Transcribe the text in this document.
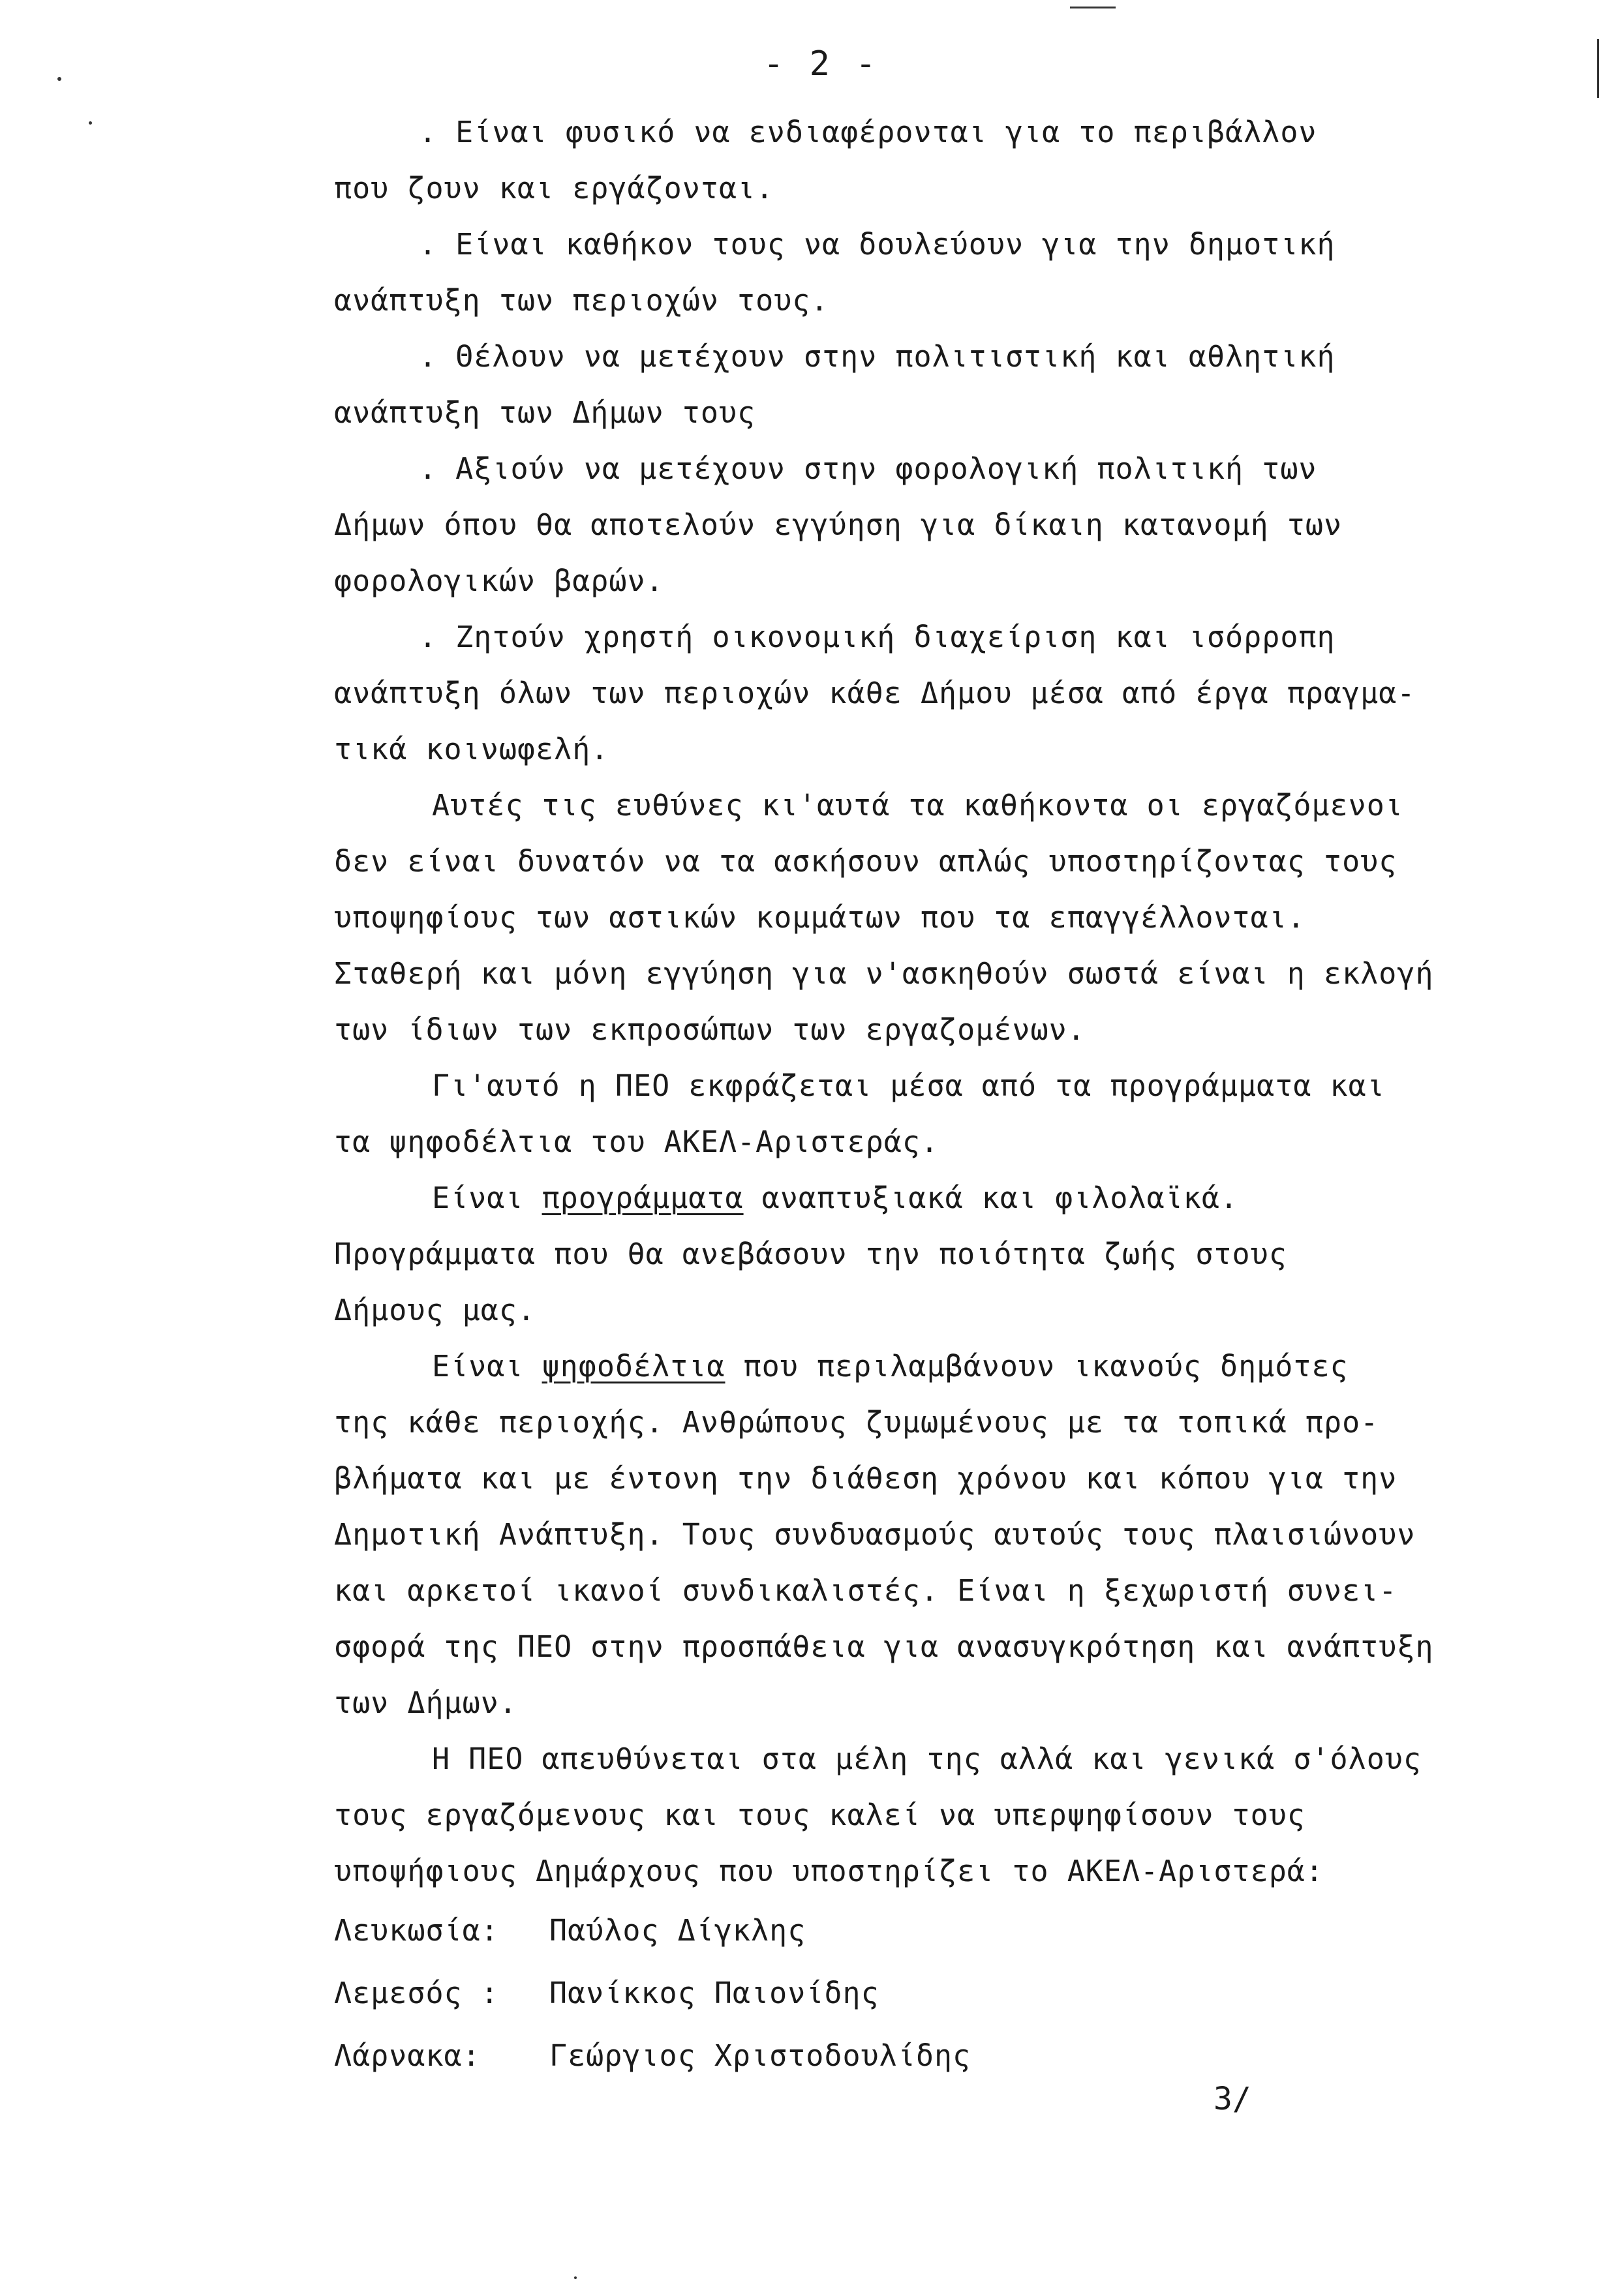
- 2 -
. Είναι φυσικό να ενδιαφέρονται για το περιβάλλον
που ζουν και εργάζονται.
. Είναι καθήκον τους να δουλεύουν για την δημοτική
ανάπτυξη των περιοχών τους.
. Θέλουν να μετέχουν στην πολιτιστική και αθλητική
ανάπτυξη των Δήμων τους
. Αξιούν να μετέχουν στην φορολογική πολιτική των
Δήμων όπου θα αποτελούν εγγύηση για δίκαιη κατανομή των
φορολογικών βαρών.
. Ζητούν χρηστή οικονομική διαχείριση και ισόρροπη
ανάπτυξη όλων των περιοχών κάθε Δήμου μέσα από έργα πραγμα-
τικά κοινωφελή.
Αυτές τις ευθύνες κι'αυτά τα καθήκοντα οι εργαζόμενοι
δεν είναι δυνατόν να τα ασκήσουν απλώς υποστηρίζοντας τους
υποψηφίους των αστικών κομμάτων που τα επαγγέλλονται.
Σταθερή και μόνη εγγύηση για ν'ασκηθούν σωστά είναι η εκλογή
των ίδιων των εκπροσώπων των εργαζομένων.
Γι'αυτό η ΠΕΟ εκφράζεται μέσα από τα προγράμματα και
τα ψηφοδέλτια του ΑΚΕΛ-Αριστεράς.
Είναι προγράμματα αναπτυξιακά και φιλολαϊκά.
Προγράμματα που θα ανεβάσουν την ποιότητα ζωής στους
Δήμους μας.
Είναι ψηφοδέλτια που περιλαμβάνουν ικανούς δημότες
της κάθε περιοχής. Ανθρώπους ζυμωμένους με τα τοπικά προ-
βλήματα και με έντονη την διάθεση χρόνου και κόπου για την
Δημοτική Ανάπτυξη. Τους συνδυασμούς αυτούς τους πλαισιώνουν
και αρκετοί ικανοί συνδικαλιστές. Είναι η ξεχωριστή συνει-
σφορά της ΠΕΟ στην προσπάθεια για ανασυγκρότηση και ανάπτυξη
των Δήμων.
Η ΠΕΟ απευθύνεται στα μέλη της αλλά και γενικά σ'όλους
τους εργαζόμενους και τους καλεί να υπερψηφίσουν τους
υποψήφιους Δημάρχους που υποστηρίζει το ΑΚΕΛ-Αριστερά:
Λευκωσία: Παύλος Δίγκλης
Λεμεσός : Πανίκκος Παιονίδης
Λάρνακα: Γεώργιος Χριστοδουλίδης
3/
